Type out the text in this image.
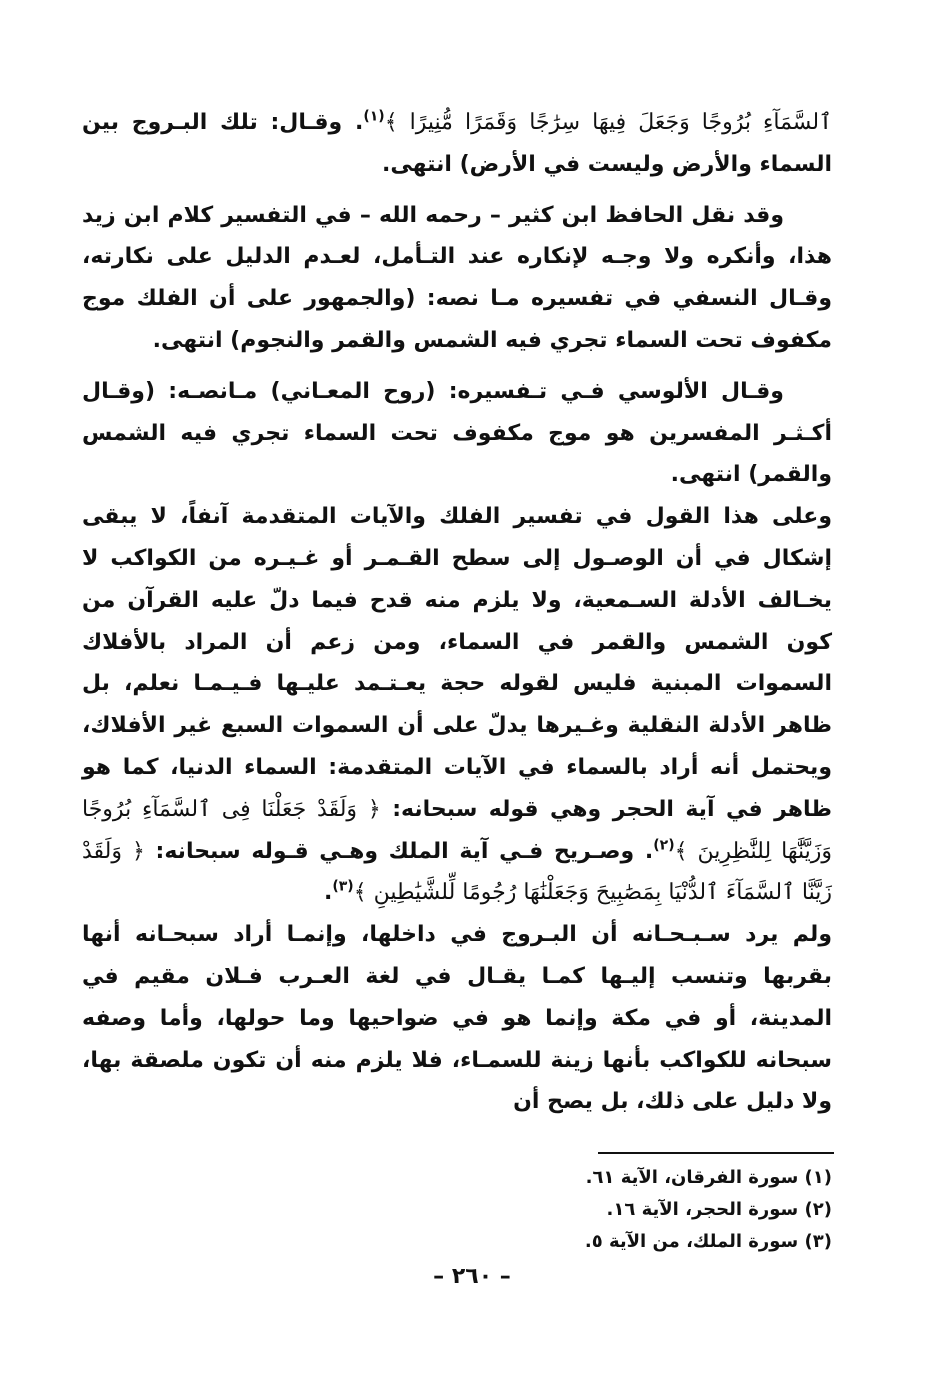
ٱلسَّمَآءِ بُرُوجًا وَجَعَلَ فِيهَا سِرَٰجًا وَقَمَرًا مُّنِيرًا ﴾$^{(١)}$. وقـال: تلك البـروج بين السماء والأرض وليست في الأرض) انتهى.

وقد نقل الحافظ ابن كثير – رحمه الله – في التفسير كلام ابن زيد هذا، وأنكره ولا وجـه لإنكاره عند التـأمل، لعـدم الدليل على نكارته، وقـال النسفي في تفسيره مـا نصه: (والجمهور على أن الفلك موج مكفوف تحت السماء تجري فيه الشمس والقمر والنجوم) انتهى.

وقـال الألوسي فـي تـفسيره: (روح المعـاني) مـانصـه: (وقـال أكـثـر المفسرين هو موج مكفوف تحت السماء تجري فيه الشمس والقمر) انتهى.

وعلى هذا القول في تفسير الفلك والآيات المتقدمة آنفاً، لا يبقى إشكال في أن الوصـول إلى سطح القـمـر أو غـيـره من الكواكب لا يخـالف الأدلة السـمعية، ولا يلزم منه قدح فيما دلّ عليه القرآن من كون الشمس والقمر في السماء، ومن زعم أن المراد بالأفلاك السموات المبنية فليس لقوله حجة يعـتـمد عليـها فـيـمـا نعلم، بل ظاهر الأدلة النقلية وغـيرها يدلّ على أن السموات السبع غير الأفلاك، ويحتمل أنه أراد بالسماء في الآيات المتقدمة: السماء الدنيا، كما هو ظاهر في آية الحجر وهي قوله سبحانه: ﴿ وَلَقَدْ جَعَلْنَا فِى ٱلسَّمَآءِ بُرُوجًا وَزَيَّنَّٰهَا لِلنَّٰظِرِينَ ﴾$^{(٢)}$. وصـريح فـي آية الملك وهـي قـوله سبحانه: ﴿ وَلَقَدْ زَيَّنَّا ٱلسَّمَآءَ ٱلدُّنْيَا بِمَصَٰبِيحَ وَجَعَلْنَٰهَا رُجُومًا لِّلشَّيَٰطِينِ ﴾$^{(٣)}$.

ولم يرد سـبـحـانه أن البـروج في داخلها، وإنمـا أراد سبحـانه أنها بقربها وتنسب إليـها كمـا يقـال في لغة العـرب فـلان مقيم في المدينة، أو في مكة وإنما هو في ضواحيها وما حولها، وأما وصفه سبحانه للكواكب بأنها زينة للسمـاء، فلا يلزم منه أن تكون ملصقة بها، ولا دليل على ذلك، بل يصح أن

(١) سورة الفرقان، الآية ٦١.

(٢) سورة الحجر، الآية ١٦.

(٣) سورة الملك، من الآية ٥.

– ٢٦٠ –
